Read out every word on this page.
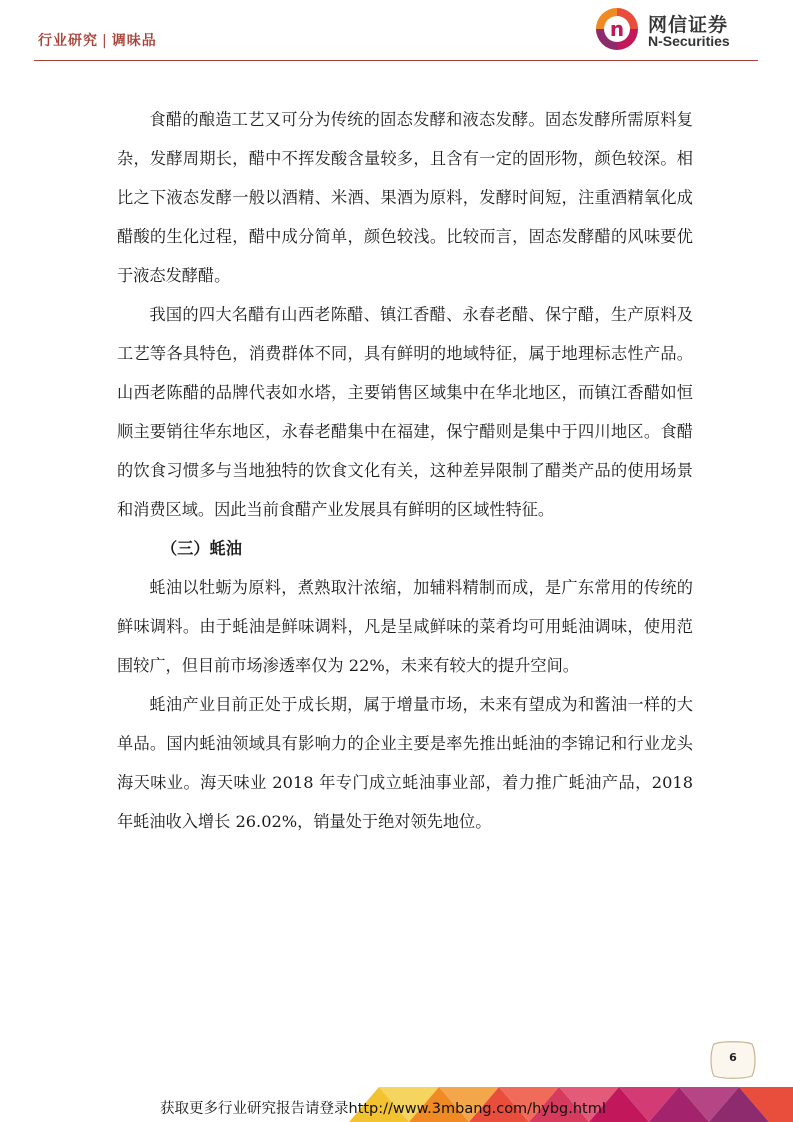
行业研究 | 调味品	n 网信证券
N-Securities

食醋的酿造工艺又可分为传统的固态发酵和液态发酵。固态发酵所需原料复杂，发酵周期长，醋中不挥发酸含量较多，且含有一定的固形物，颜色较深。相比之下液态发酵一般以酒精、米酒、果酒为原料，发酵时间短，注重酒精氧化成醋酸的生化过程，醋中成分简单，颜色较浅。比较而言，固态发酵醋的风味要优于液态发酵醋。

我国的四大名醋有山西老陈醋、镇江香醋、永春老醋、保宁醋，生产原料及工艺等各具特色，消费群体不同，具有鲜明的地域特征，属于地理标志性产品。山西老陈醋的品牌代表如水塔，主要销售区域集中在华北地区，而镇江香醋如恒顺主要销往华东地区，永春老醋集中在福建，保宁醋则是集中于四川地区。食醋的饮食习惯多与当地独特的饮食文化有关，这种差异限制了醋类产品的使用场景和消费区域。因此当前食醋产业发展具有鲜明的区域性特征。

（三）蚝油

蚝油以牡蛎为原料，煮熟取汁浓缩，加辅料精制而成，是广东常用的传统的鲜味调料。由于蚝油是鲜味调料，凡是呈咸鲜味的菜肴均可用蚝油调味，使用范围较广，但目前市场渗透率仅为 22%，未来有较大的提升空间。

蚝油产业目前正处于成长期，属于增量市场，未来有望成为和酱油一样的大单品。国内蚝油领域具有影响力的企业主要是率先推出蚝油的李锦记和行业龙头海天味业。海天味业 2018 年专门成立蚝油事业部，着力推广蚝油产品，2018 年蚝油收入增长 26.02%，销量处于绝对领先地位。

6
获取更多行业研究报告请登录http://www.3mbang.com/hybg.html
